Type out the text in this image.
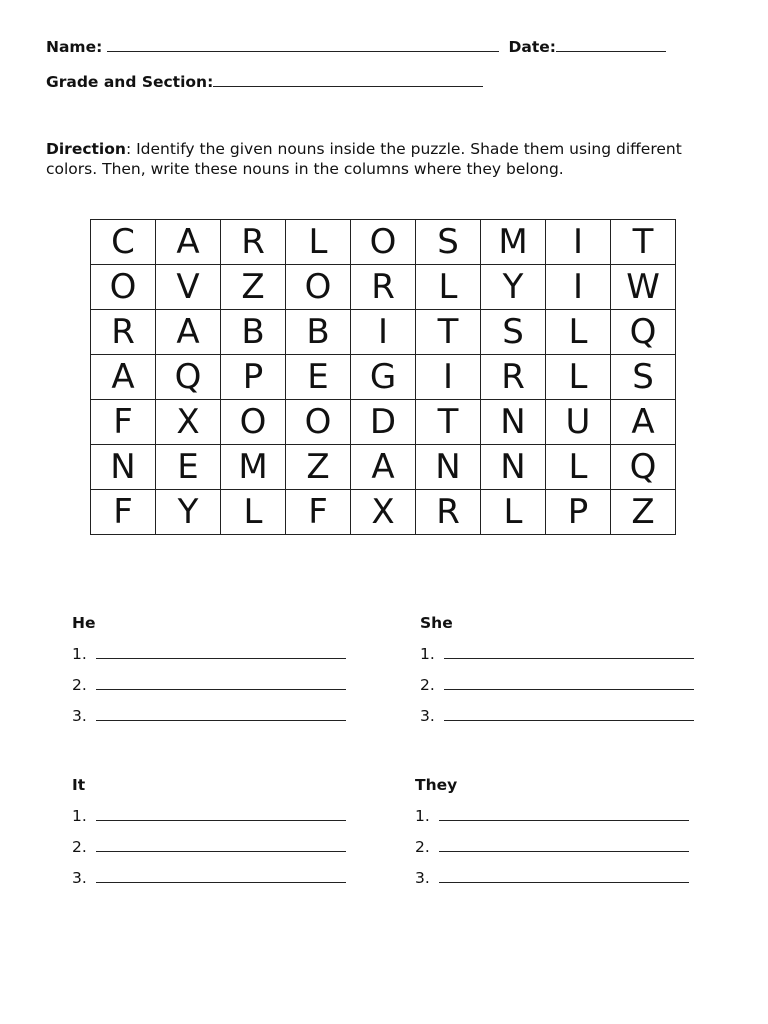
Name:	Date:
Grade and Section:
Direction: Identify the given nouns inside the puzzle. Shade them using different colors. Then, write these nouns in the columns where they belong.
C	A	R	L	O	S	M	I	T
O	V	Z	O	R	L	Y	I	W
R	A	B	B	I	T	S	L	Q
A	Q	P	E	G	I	R	L	S
F	X	O	O	D	T	N	U	A
N	E	M	Z	A	N	N	L	Q
F	Y	L	F	X	R	L	P	Z
He
1.
2.
3.
She
1.
2.
3.
It
1.
2.
3.
They
1.
2.
3.
